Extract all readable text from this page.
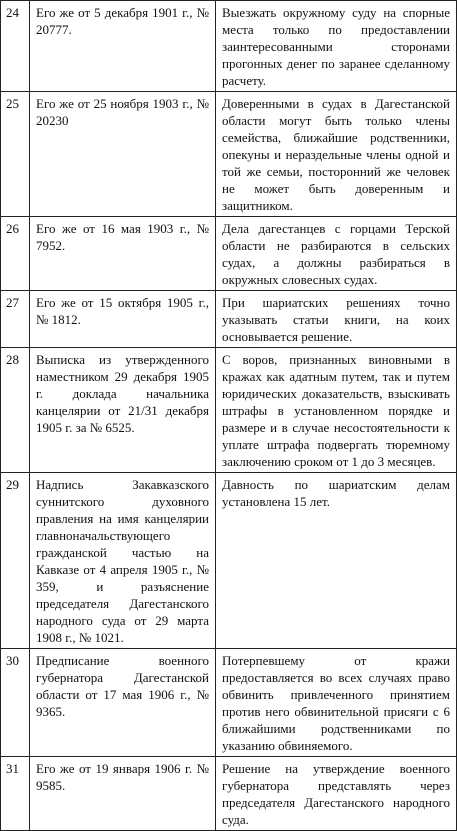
24	Его же от 5 декабря 1901 г., № 20777.	Выезжать окружному суду на спорные места только по предоставлении заинтересованными сторонами прогонных денег по заранее сделанному расчету.
25	Его же от 25 ноября 1903 г., № 20230	Доверенными в судах в Дагестанской области могут быть только члены семейства, ближайшие родственники, опекуны и нераздельные члены одной и той же семьи, посторонний же человек не может быть доверенным и защитником.
26	Его же от 16 мая 1903 г., № 7952.	Дела дагестанцев с горцами Терской области не разбираются в сельских судах, а должны разбираться в окружных словесных судах.
27	Его же от 15 октября 1905 г., № 1812.	При шариатских решениях точно указывать статьи книги, на коих основывается решение.
28	Выписка из утвержденного наместником 29 декабря 1905 г. доклада начальника канцелярии от 21/31 декабря 1905 г. за № 6525.	С воров, признанных виновными в кражах как адатным путем, так и путем юридических доказательств, взыскивать штрафы в установленном порядке и размере и в случае несостоятельности к уплате штрафа подвергать тюремному заключению сроком от 1 до 3 месяцев.
29	Надпись Закавказского суннитского духовного правления на имя канцелярии главноначальствующего гражданской частью на Кавказе от 4 апреля 1905 г., № 359, и разъяснение председателя Дагестанского народного суда от 29 марта 1908 г., № 1021.	Давность по шариатским делам установлена 15 лет.
30	Предписание военного губернатора Дагестанской области от 17 мая 1906 г., № 9365.	Потерпевшему от кражи предоставляется во всех случаях право обвинить привлеченного принятием против него обвинительной присяги с 6 ближайшими родственниками по указанию обвиняемого.
31	Его же от 19 января 1906 г. № 9585.	Решение на утверждение военного губернатора представлять через председателя Дагестанского народного суда.
